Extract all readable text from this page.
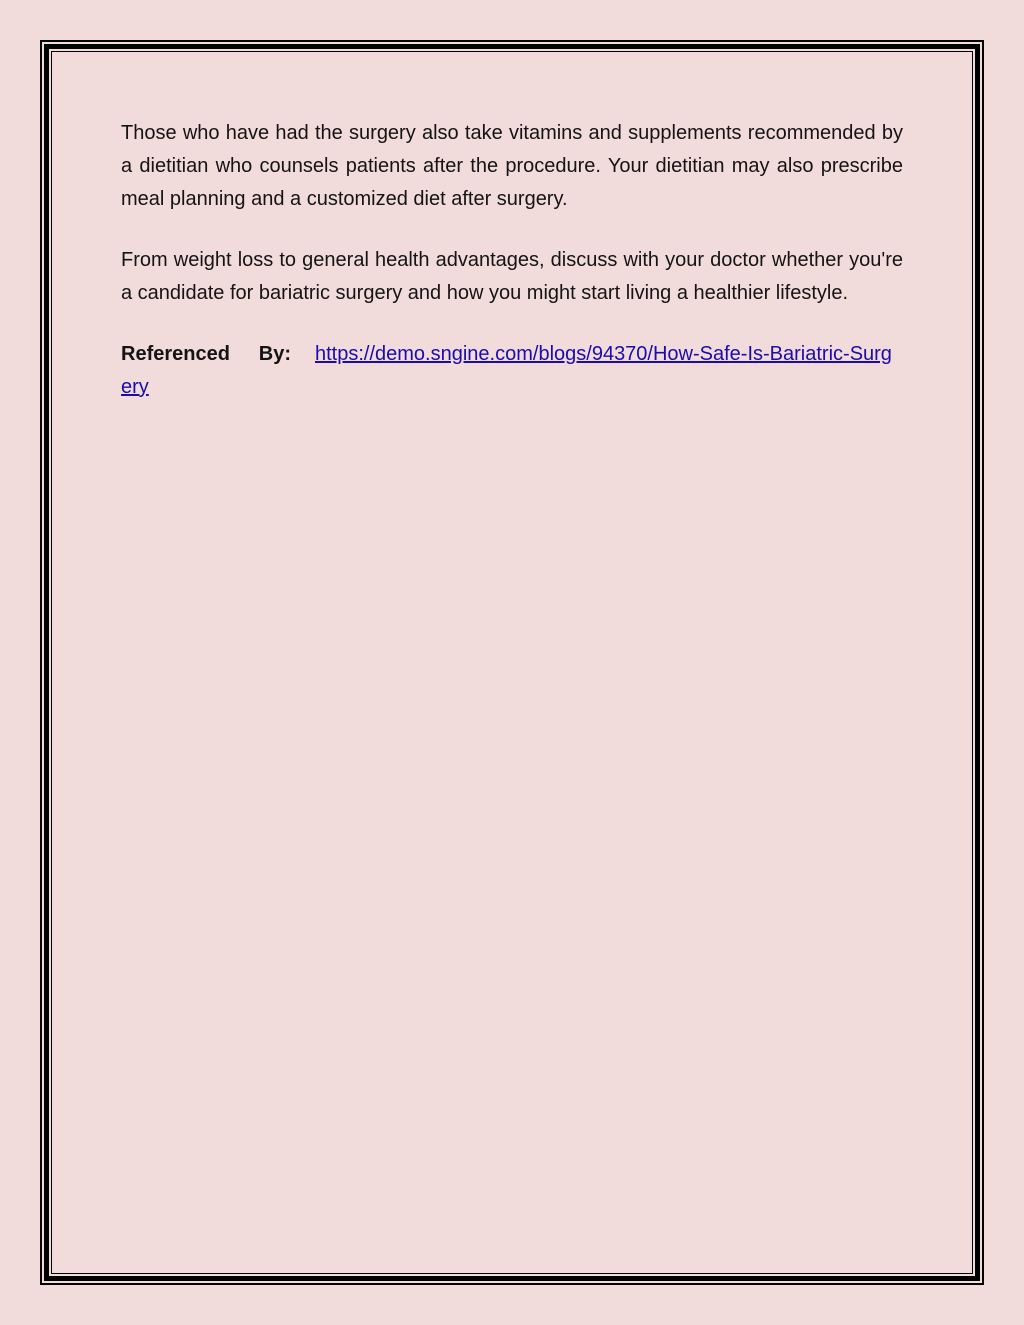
Those who have had the surgery also take vitamins and supplements recommended by a dietitian who counsels patients after the procedure. Your dietitian may also prescribe meal planning and a customized diet after surgery.

From weight loss to general health advantages, discuss with your doctor whether you're a candidate for bariatric surgery and how you might start living a healthier lifestyle.

Referenced By: https://demo.sngine.com/blogs/94370/How-Safe-Is-Bariatric-Surgery
